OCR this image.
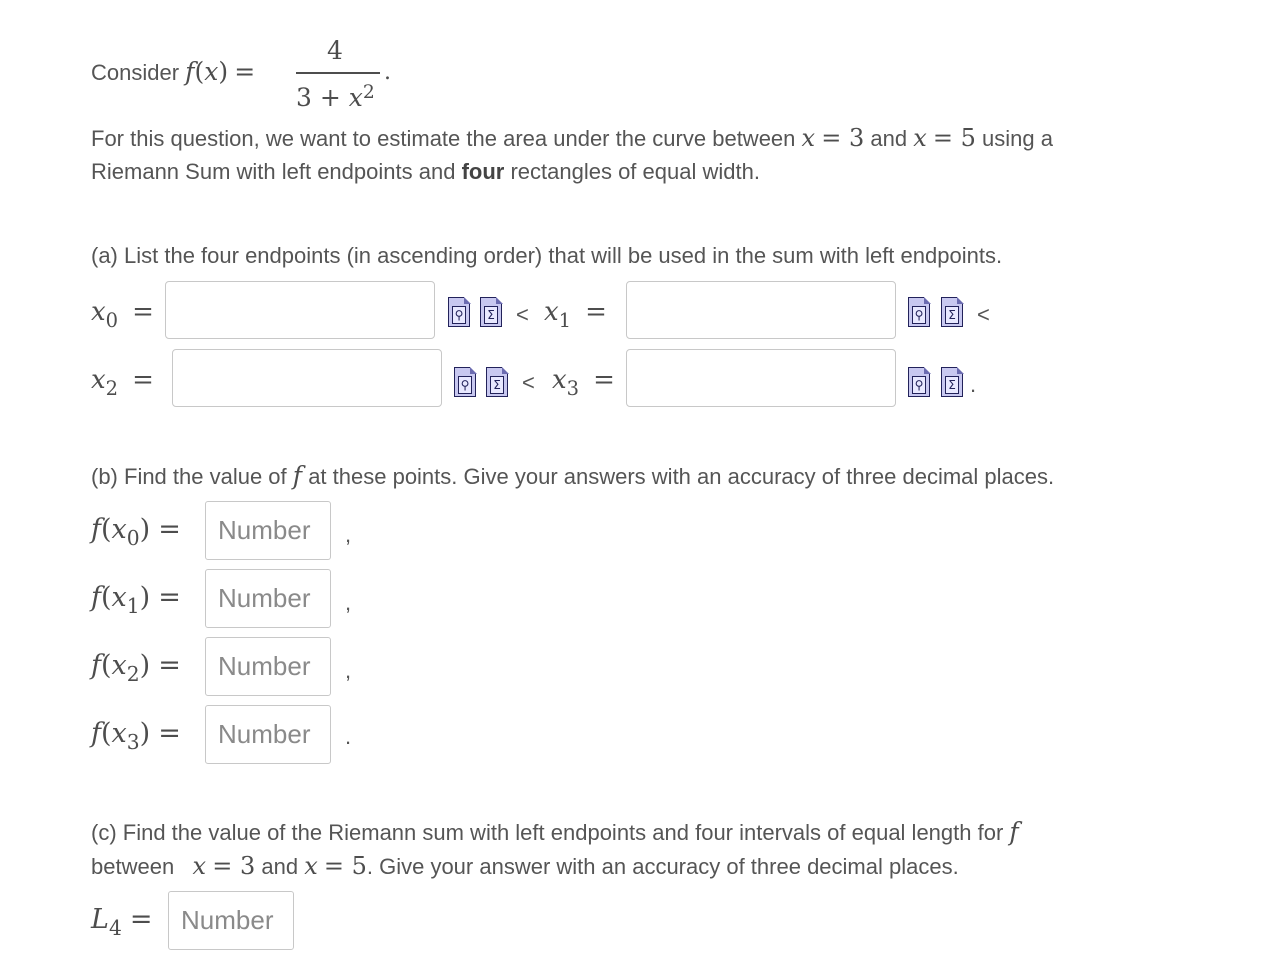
Consider f(x) =
4
$3 + x^2$
.
For this question, we want to estimate the area under the curve between x = 3 and x = 5 using a
Riemann Sum with left endpoints and four rectangles of equal width.
(a) List the four endpoints (in ascending order) that will be used in the sum with left endpoints.
$x_0$ =	⚲ $\Sigma < x_1$ =	⚲ Σ <
$x_2$ =	⚲ $\Sigma < x_3$ =	⚲ Σ .
(b) Find the value of f at these points. Give your answers with an accuracy of three decimal places.
$f(x_0)$ =	Number	,
$f(x_1)$ =	Number	,
$f(x_2)$ =	Number	,
$f(x_3)$ =	Number	.
(c) Find the value of the Riemann sum with left endpoints and four intervals of equal length for f
between x = 3 and x = 5. Give your answer with an accuracy of three decimal places.
$L_4$ =	Number
